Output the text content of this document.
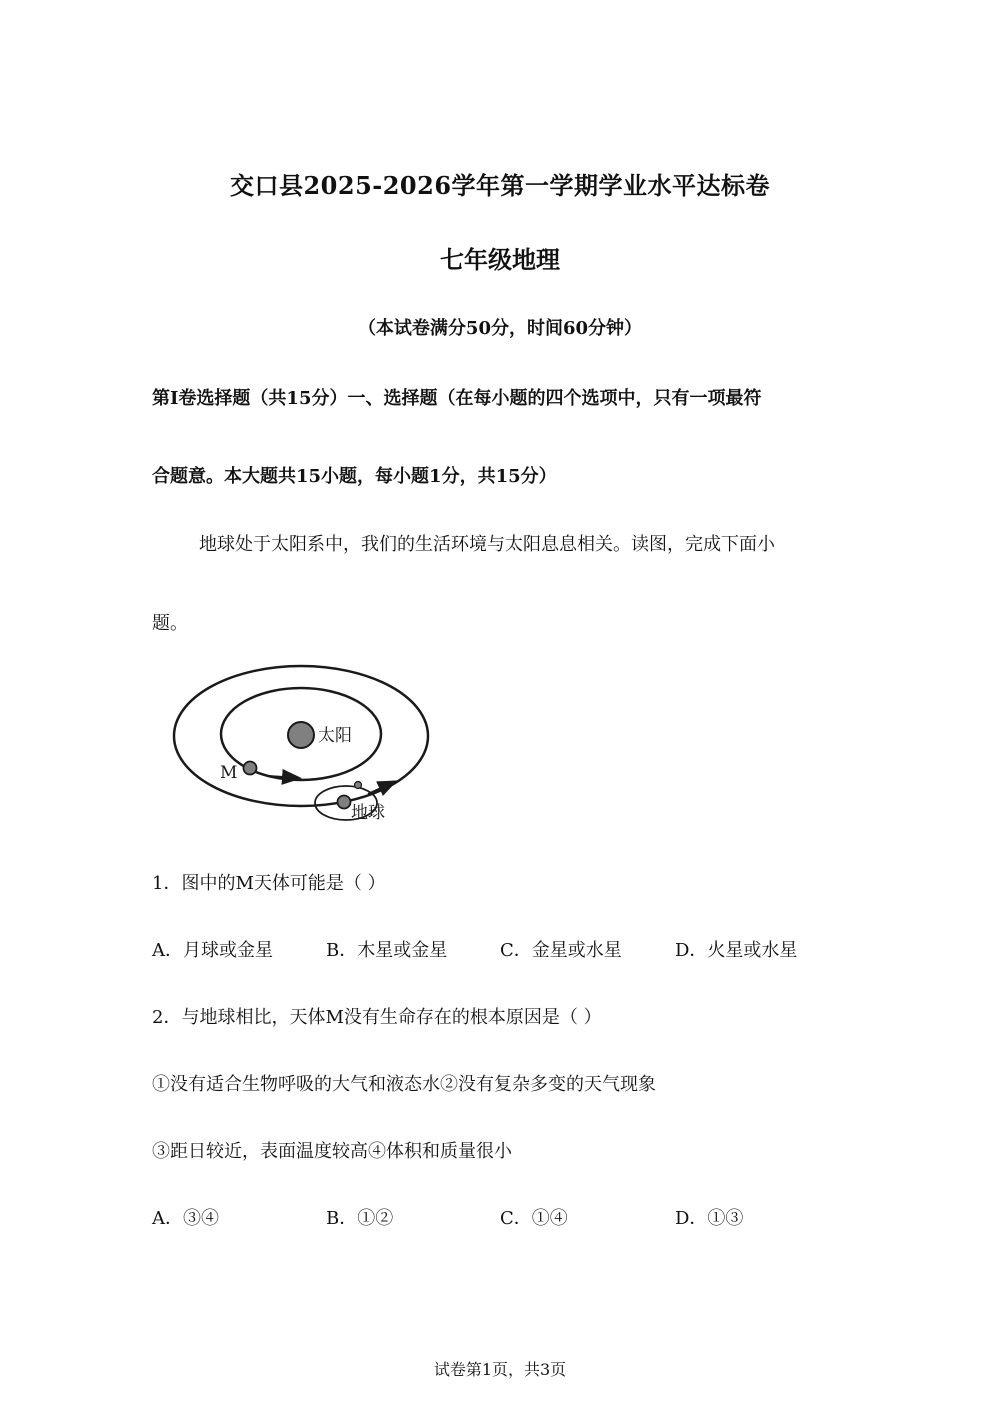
交口县2025-2026学年第一学期学业水平达标卷
七年级地理
（本试卷满分50分，时间60分钟）
第Ⅰ卷选择题（共15分）一、选择题（在每小题的四个选项中，只有一项最符
合题意。本大题共15小题，每小题1分，共15分）
地球处于太阳系中，我们的生活环境与太阳息息相关。读图，完成下面小
题。
太阳
M
地球
1．图中的M天体可能是（ ）
A．月球或金星	B．木星或金星	C．金星或水星	D．火星或水星
2．与地球相比，天体M没有生命存在的根本原因是（ ）
①没有适合生物呼吸的大气和液态水②没有复杂多变的天气现象
③距日较近，表面温度较高④体积和质量很小
A．③④	B．①②	C．①④	D．①③
试卷第1页，共3页
